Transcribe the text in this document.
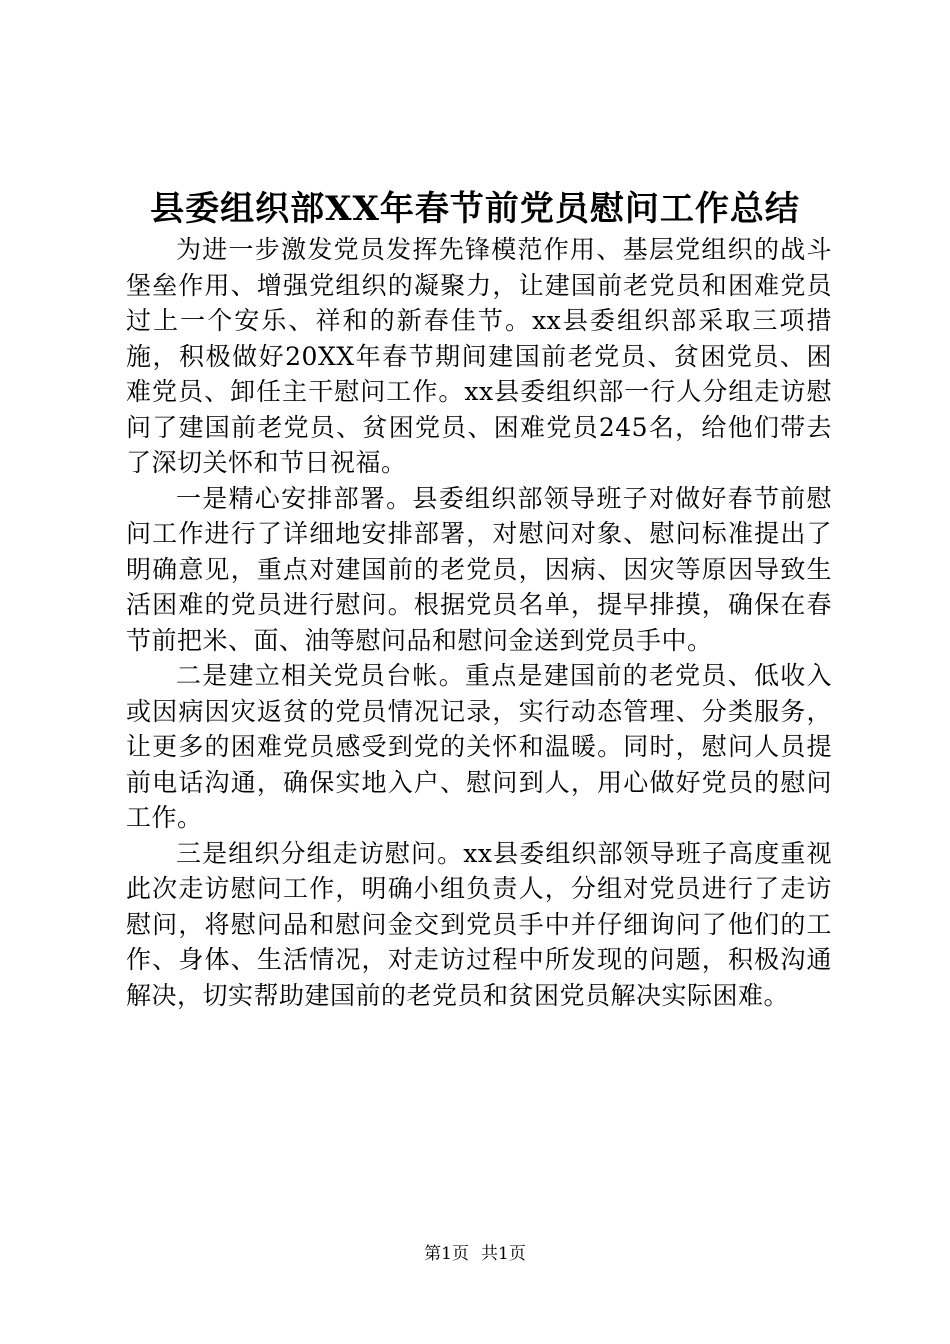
县委组织部XX年春节前党员慰问工作总结

为进一步激发党员发挥先锋模范作用、基层党组织的战斗堡垒作用、增强党组织的凝聚力，让建国前老党员和困难党员过上一个安乐、祥和的新春佳节。xx县委组织部采取三项措施，积极做好20XX年春节期间建国前老党员、贫困党员、困难党员、卸任主干慰问工作。xx县委组织部一行人分组走访慰问了建国前老党员、贫困党员、困难党员245名，给他们带去了深切关怀和节日祝福。

一是精心安排部署。县委组织部领导班子对做好春节前慰问工作进行了详细地安排部署，对慰问对象、慰问标准提出了明确意见，重点对建国前的老党员，因病、因灾等原因导致生活困难的党员进行慰问。根据党员名单，提早排摸，确保在春节前把米、面、油等慰问品和慰问金送到党员手中。

二是建立相关党员台帐。重点是建国前的老党员、低收入或因病因灾返贫的党员情况记录，实行动态管理、分类服务，让更多的困难党员感受到党的关怀和温暖。同时，慰问人员提前电话沟通，确保实地入户、慰问到人，用心做好党员的慰问工作。

三是组织分组走访慰问。xx县委组织部领导班子高度重视此次走访慰问工作，明确小组负责人，分组对党员进行了走访慰问，将慰问品和慰问金交到党员手中并仔细询问了他们的工作、身体、生活情况，对走访过程中所发现的问题，积极沟通解决，切实帮助建国前的老党员和贫困党员解决实际困难。

第1页 共1页
